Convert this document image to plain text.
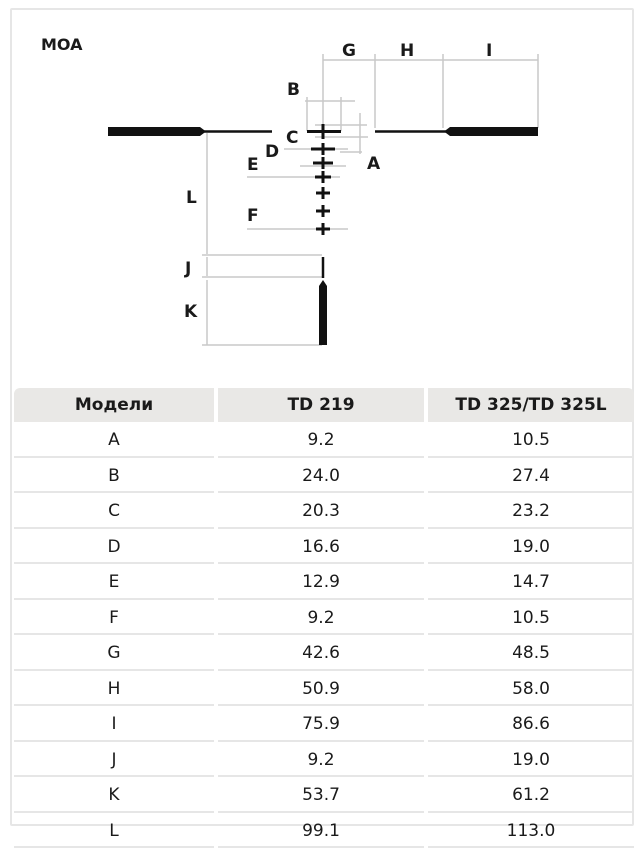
MOA	G	H	I
B
C
A
D
E
L
F
J
K
Модели	TD 219	TD 325/TD 325L
A	9.2	10.5
B	24.0	27.4
C	20.3	23.2
D	16.6	19.0
E	12.9	14.7
F	9.2	10.5
G	42.6	48.5
H	50.9	58.0
I	75.9	86.6
J	9.2	19.0
K	53.7	61.2
L	99.1	113.0
